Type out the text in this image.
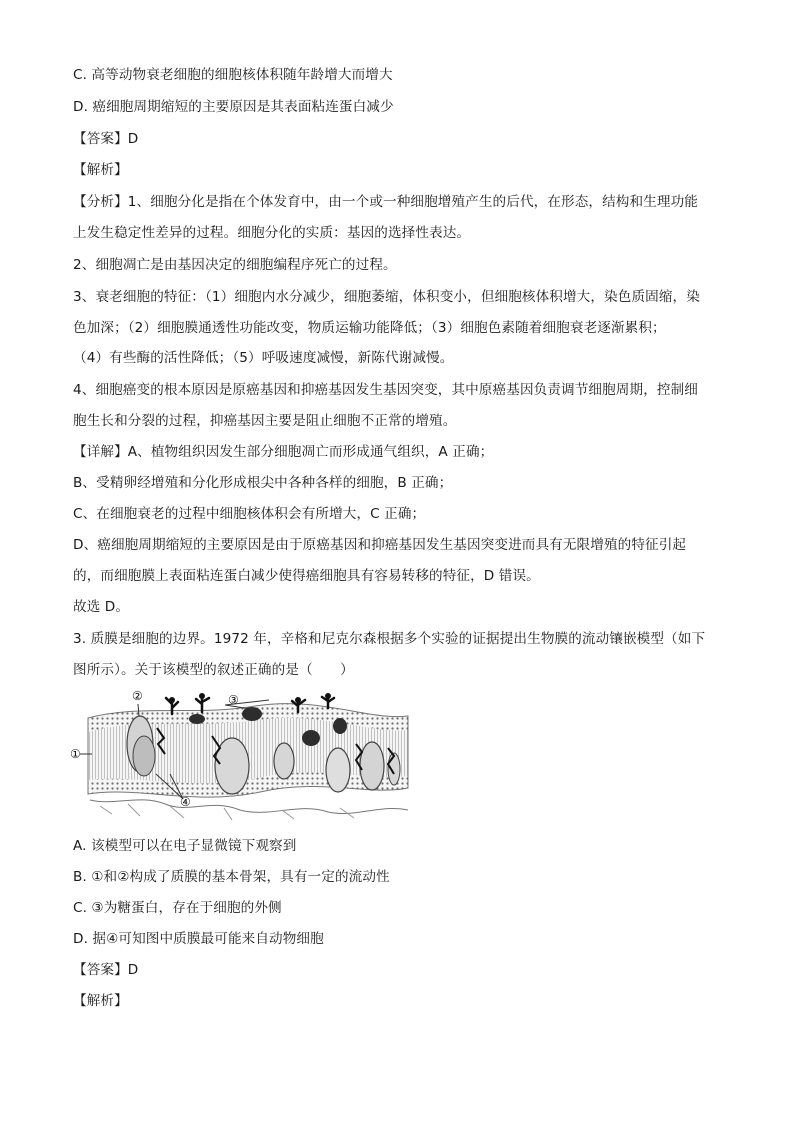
C. 高等动物衰老细胞的细胞核体积随年龄增大而增大
D. 癌细胞周期缩短的主要原因是其表面粘连蛋白减少
【答案】D
【解析】
【分析】1、细胞分化是指在个体发育中，由一个或一种细胞增殖产生的后代，在形态，结构和生理功能
上发生稳定性差异的过程。细胞分化的实质：基因的选择性表达。
2、细胞凋亡是由基因决定的细胞编程序死亡的过程。
3、衰老细胞的特征：（1）细胞内水分减少，细胞萎缩，体积变小，但细胞核体积增大，染色质固缩，染
色加深；（2）细胞膜通透性功能改变，物质运输功能降低；（3）细胞色素随着细胞衰老逐渐累积；
（4）有些酶的活性降低；（5）呼吸速度减慢，新陈代谢减慢。
4、细胞癌变的根本原因是原癌基因和抑癌基因发生基因突变，其中原癌基因负责调节细胞周期，控制细
胞生长和分裂的过程，抑癌基因主要是阻止细胞不正常的增殖。
【详解】A、植物组织因发生部分细胞凋亡而形成通气组织，A 正确；
B、受精卵经增殖和分化形成根尖中各种各样的细胞，B 正确；
C、在细胞衰老的过程中细胞核体积会有所增大，C 正确；
D、癌细胞周期缩短的主要原因是由于原癌基因和抑癌基因发生基因突变进而具有无限增殖的特征引起
的，而细胞膜上表面粘连蛋白减少使得癌细胞具有容易转移的特征，D 错误。
故选 D。
3. 质膜是细胞的边界。1972 年，辛格和尼克尔森根据多个实验的证据提出生物膜的流动镶嵌模型（如下
图所示）。关于该模型的叙述正确的是（　　）
①
②	③
④
A. 该模型可以在电子显微镜下观察到
B. ①和②构成了质膜的基本骨架，具有一定的流动性
C. ③为糖蛋白，存在于细胞的外侧
D. 据④可知图中质膜最可能来自动物细胞
【答案】D
【解析】
